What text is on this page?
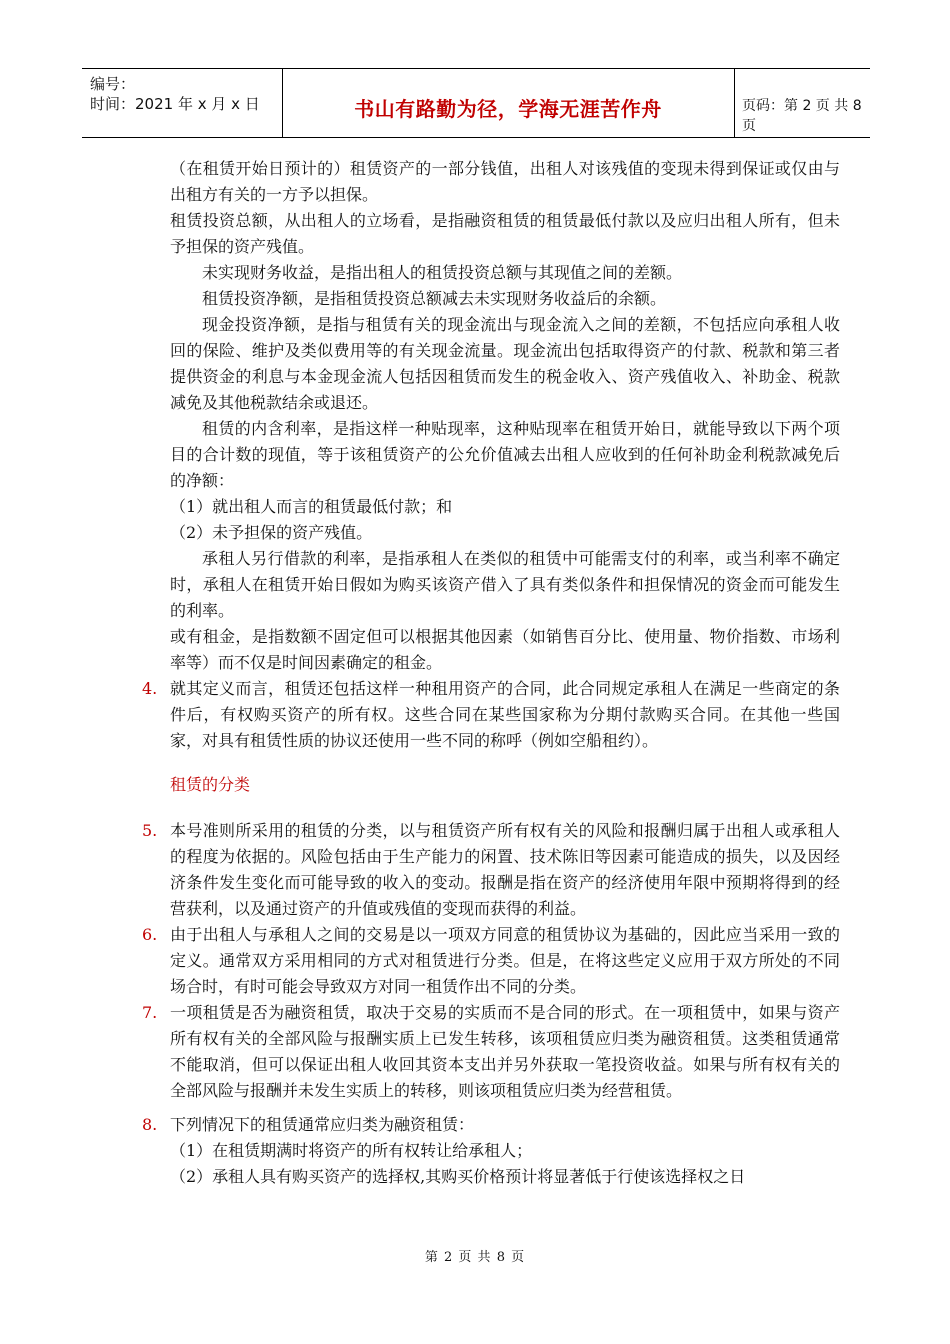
编号：
时间：2021 年 x 月 x 日	书山有路勤为径，学海无涯苦作舟	页码：第 2 页 共 8 页

（在租赁开始日预计的）租赁资产的一部分钱值，出租人对该残值的变现未得到保证或仅由与出租方有关的一方予以担保。

租赁投资总额，从出租人的立场看，是指融资租赁的租赁最低付款以及应归出租人所有，但未予担保的资产残值。

未实现财务收益，是指出租人的租赁投资总额与其现值之间的差额。

租赁投资净额，是指租赁投资总额减去未实现财务收益后的余额。

现金投资净额，是指与租赁有关的现金流出与现金流入之间的差额，不包括应向承租人收回的保险、维护及类似费用等的有关现金流量。现金流出包括取得资产的付款、税款和第三者提供资金的利息与本金现金流人包括因租赁而发生的税金收入、资产残值收入、补助金、税款减免及其他税款结余或退还。

租赁的内含利率，是指这样一种贴现率，这种贴现率在租赁开始日，就能导致以下两个项目的合计数的现值，等于该租赁资产的公允价值减去出租人应收到的任何补助金利税款减免后的净额：

（1）就出租人而言的租赁最低付款；和

（2）未予担保的资产残值。

承租人另行借款的利率，是指承租人在类似的租赁中可能需支付的利率，或当利率不确定时，承租人在租赁开始日假如为购买该资产借入了具有类似条件和担保情况的资金而可能发生的利率。

或有租金，是指数额不固定但可以根据其他因素（如销售百分比、使用量、物价指数、市场利率等）而不仅是时间因素确定的租金。

4. 就其定义而言，租赁还包括这样一种租用资产的合同，此合同规定承租人在满足一些商定的条件后，有权购买资产的所有权。这些合同在某些国家称为分期付款购买合同。在其他一些国家，对具有租赁性质的协议还使用一些不同的称呼（例如空船租约）。

租赁的分类

5. 本号准则所采用的租赁的分类，以与租赁资产所有权有关的风险和报酬归属于出租人或承租人的程度为依据的。风险包括由于生产能力的闲置、技术陈旧等因素可能造成的损失，以及因经济条件发生变化而可能导致的收入的变动。报酬是指在资产的经济使用年限中预期将得到的经营获利，以及通过资产的升值或残值的变现而获得的利益。

6. 由于出租人与承租人之间的交易是以一项双方同意的租赁协议为基础的，因此应当采用一致的定义。通常双方采用相同的方式对租赁进行分类。但是，在将这些定义应用于双方所处的不同场合时，有时可能会导致双方对同一租赁作出不同的分类。

7. 一项租赁是否为融资租赁，取决于交易的实质而不是合同的形式。在一项租赁中，如果与资产所有权有关的全部风险与报酬实质上已发生转移，该项租赁应归类为融资租赁。这类租赁通常不能取消，但可以保证出租人收回其资本支出并另外获取一笔投资收益。如果与所有权有关的全部风险与报酬并未发生实质上的转移，则该项租赁应归类为经营租赁。

8. 下列情况下的租赁通常应归类为融资租赁：

（1）在租赁期满时将资产的所有权转让给承租人；

（2）承租人具有购买资产的选择权,其购买价格预计将显著低于行使该选择权之日

第 2 页 共 8 页
